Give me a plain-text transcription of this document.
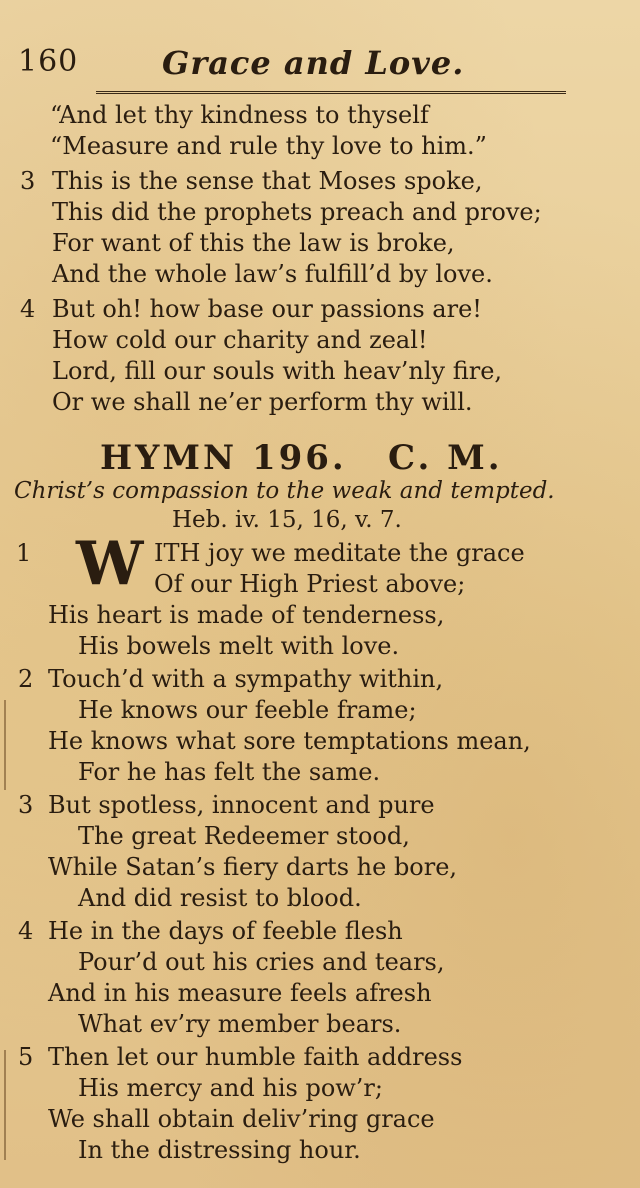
160	Grace and Love.
“And let thy kindness to thyself
“Measure and rule thy love to him.”
3 This is the sense that Moses spoke,
This did the prophets preach and prove;
For want of this the law is broke,
And the whole law’s fulfill’d by love.
4 But oh! how base our passions are!
How cold our charity and zeal!
Lord, fill our souls with heav’nly fire,
Or we shall ne’er perform thy will.
HYMN 196. C. M.
Christ’s compassion to the weak and tempted.
Heb. iv. 15, 16, v. 7.
1 W ITH joy we meditate the grace
Of our High Priest above;
His heart is made of tenderness,
His bowels melt with love.
2 Touch’d with a sympathy within,
He knows our feeble frame;
He knows what sore temptations mean,
For he has felt the same.
3 But spotless, innocent and pure
The great Redeemer stood,
While Satan’s fiery darts he bore,
And did resist to blood.
4 He in the days of feeble flesh
Pour’d out his cries and tears,
And in his measure feels afresh
What ev’ry member bears.
5 Then let our humble faith address
His mercy and his pow’r;
We shall obtain deliv’ring grace
In the distressing hour.
